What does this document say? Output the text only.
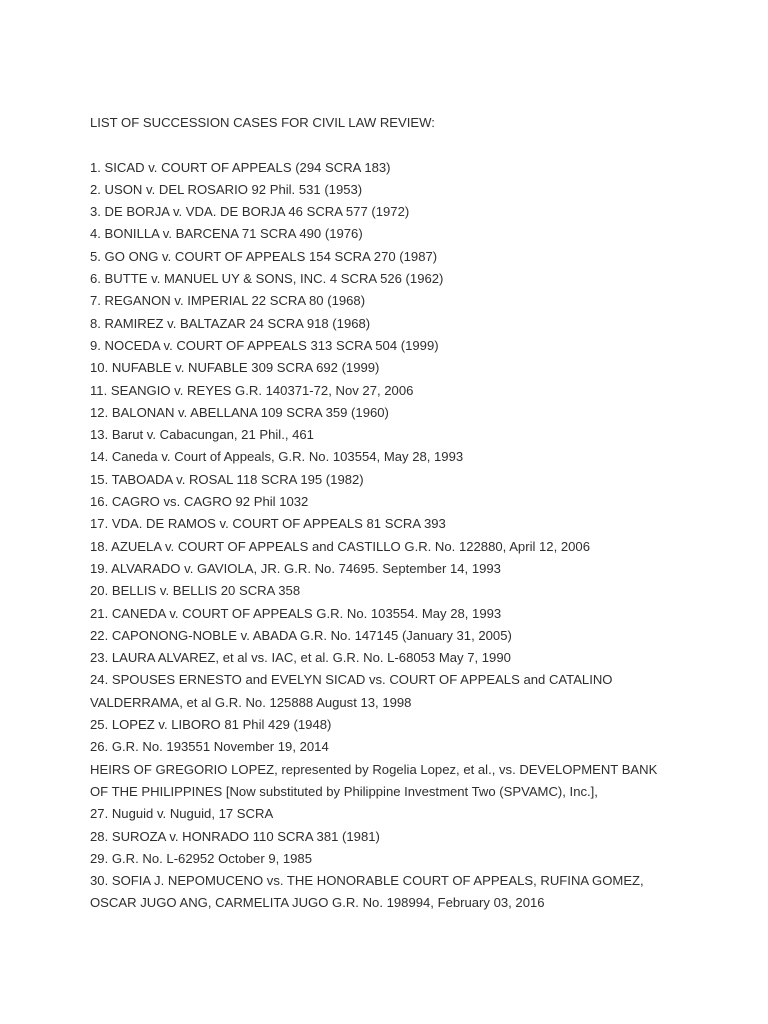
LIST OF SUCCESSION CASES FOR CIVIL LAW REVIEW:
1. SICAD v. COURT OF APPEALS (294 SCRA 183)
2. USON v. DEL ROSARIO 92 Phil. 531 (1953)
3. DE BORJA v. VDA. DE BORJA 46 SCRA 577 (1972)
4. BONILLA v. BARCENA 71 SCRA 490 (1976)
5. GO ONG v. COURT OF APPEALS 154 SCRA 270 (1987)
6. BUTTE v. MANUEL UY & SONS, INC. 4 SCRA 526 (1962)
7. REGANON v. IMPERIAL 22 SCRA 80 (1968)
8. RAMIREZ v. BALTAZAR 24 SCRA 918 (1968)
9. NOCEDA v. COURT OF APPEALS 313 SCRA 504 (1999)
10. NUFABLE v. NUFABLE 309 SCRA 692 (1999)
11. SEANGIO v. REYES G.R. 140371-72, Nov 27, 2006
12. BALONAN v. ABELLANA 109 SCRA 359 (1960)
13. Barut v. Cabacungan, 21 Phil., 461
14. Caneda v. Court of Appeals, G.R. No. 103554, May 28, 1993
15. TABOADA v. ROSAL 118 SCRA 195 (1982)
16. CAGRO vs. CAGRO 92 Phil 1032
17. VDA. DE RAMOS v. COURT OF APPEALS 81 SCRA 393
18. AZUELA v. COURT OF APPEALS and CASTILLO G.R. No. 122880, April 12, 2006
19. ALVARADO v. GAVIOLA, JR. G.R. No. 74695. September 14, 1993
20. BELLIS v. BELLIS 20 SCRA 358
21. CANEDA v. COURT OF APPEALS G.R. No. 103554. May 28, 1993
22. CAPONONG-NOBLE v. ABADA G.R. No. 147145 (January 31, 2005)
23. LAURA ALVAREZ, et al vs. IAC, et al. G.R. No. L-68053 May 7, 1990
24. SPOUSES ERNESTO and EVELYN SICAD vs. COURT OF APPEALS and CATALINO
VALDERRAMA, et al G.R. No. 125888 August 13, 1998
25. LOPEZ v. LIBORO 81 Phil 429 (1948)
26. G.R. No. 193551 November 19, 2014
HEIRS OF GREGORIO LOPEZ, represented by Rogelia Lopez, et al., vs. DEVELOPMENT BANK
OF THE PHILIPPINES [Now substituted by Philippine Investment Two (SPVAMC), Inc.],
27. Nuguid v. Nuguid, 17 SCRA
28. SUROZA v. HONRADO 110 SCRA 381 (1981)
29. G.R. No. L-62952 October 9, 1985
30. SOFIA J. NEPOMUCENO vs. THE HONORABLE COURT OF APPEALS, RUFINA GOMEZ,
OSCAR JUGO ANG, CARMELITA JUGO G.R. No. 198994, February 03, 2016
